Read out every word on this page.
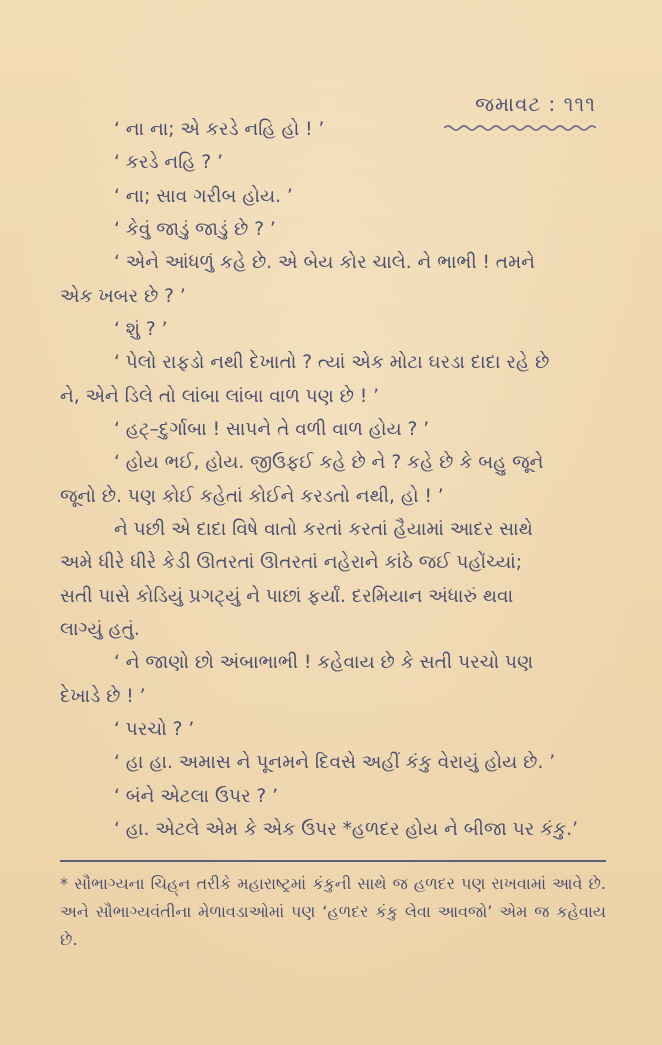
જમાવટ : ૧૧૧
‘ ના ના; એ કરડે નહિ હો ! ’
‘ કરડે નહિ ? ’
‘ ના; સાવ ગરીબ હોય. ’
‘ કેવું જાડું જાડું છે ? ’
‘ એને આંધળું કહે છે. એ બેય કોર ચાલે. ને ભાભી ! તમને
એક ખબર છે ? ’
‘ શું ? ’
‘ પેલો રાફડો નથી દેખાતો ? ત્યાં એક મોટા ઘરડા દાદા રહે છે
ને, એને ડિલે તો લાંબા લાંબા વાળ પણ છે ! ’
‘ હટ્‌–દુર્ગાબા ! સાપને તે વળી વાળ હોય ? ’
‘ હોય ભઈ, હોય. જીઉફઈ કહે છે ને ? કહે છે કે બહુ જૂને
જૂનો છે. પણ કોઈ કહેતાં કોઈને કરડતો નથી, હો ! ’
ને પછી એ દાદા વિષે વાતો કરતાં કરતાં હૈયામાં આદર સાથે
અમે ધીરે ધીરે કેડી ઊતરતાં ઊતરતાં નહેરાને કાંઠે જઈ પહોંચ્યાં;
સતી પાસે કોડિયું પ્રગટ્યું ને પાછાં ફર્યાં. દરમિયાન અંધારું થવા
લાગ્યું હતું.
‘ ને જાણો છો અંબાભાભી ! કહેવાય છે કે સતી પરચો પણ
દેખાડે છે ! ’
‘ પરચો ? ’
‘ હા હા. અમાસ ને પૂનમને દિવસે અહીં કંકુ વેરાયું હોય છે. ’
‘ બંને એટલા ઉપર ? ’
‘ હા. એટલે એમ કે એક ઉપર *હળદર હોય ને બીજા પર કંકુ.’
* સૌભાગ્યના ચિહ્‌ન તરીકે મહારાષ્ટ્રમાં કંકુની સાથે જ હળદર પણ રાખવામાં આવે છે. અને સૌભાગ્યવંતીના મેળાવડાઓમાં પણ ‘હળદર કંકુ લેવા આવજો’ એમ જ કહેવાય છે.
